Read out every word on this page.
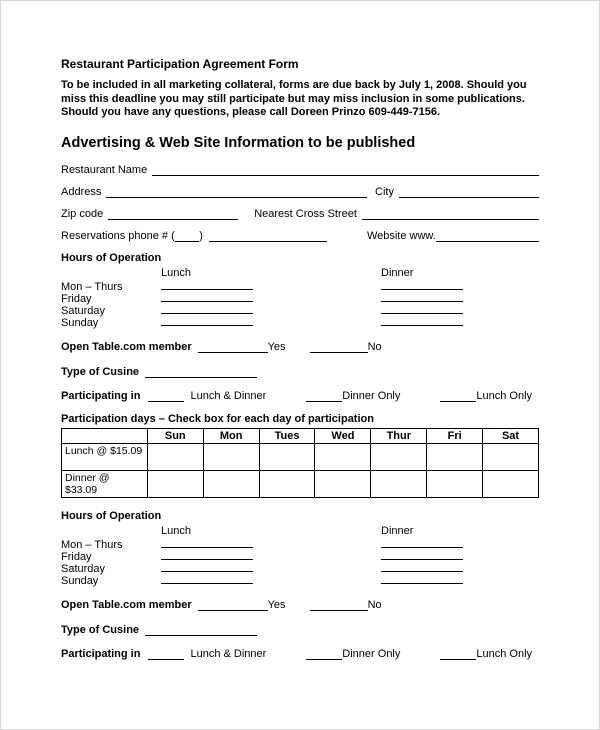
Restaurant Participation Agreement Form

To be included in all marketing collateral, forms are due back by July 1, 2008. Should you miss this deadline you may still participate but may miss inclusion in some publications. Should you have any questions, please call Doreen Prinzo 609-449-7156.

Advertising & Web Site Information to be published
Restaurant Name
Address	City
Zip code	Nearest Cross Street
Reservations phone # ( )	Website www.
Hours of Operation
Lunch	Dinner
Mon – Thurs
Friday
Saturday
Sunday
Open Table.com member	Yes	No
Type of Cusine
Participating in	Lunch & Dinner	Dinner Only	Lunch Only
Participation days – Check box for each day of participation
	Sun	Mon	Tues	Wed	Thur	Fri	Sat
Lunch @ $15.09							
Dinner @ $33.09							
Hours of Operation
Lunch	Dinner
Mon – Thurs
Friday
Saturday
Sunday
Open Table.com member	Yes	No
Type of Cusine
Participating in	Lunch & Dinner	Dinner Only	Lunch Only
